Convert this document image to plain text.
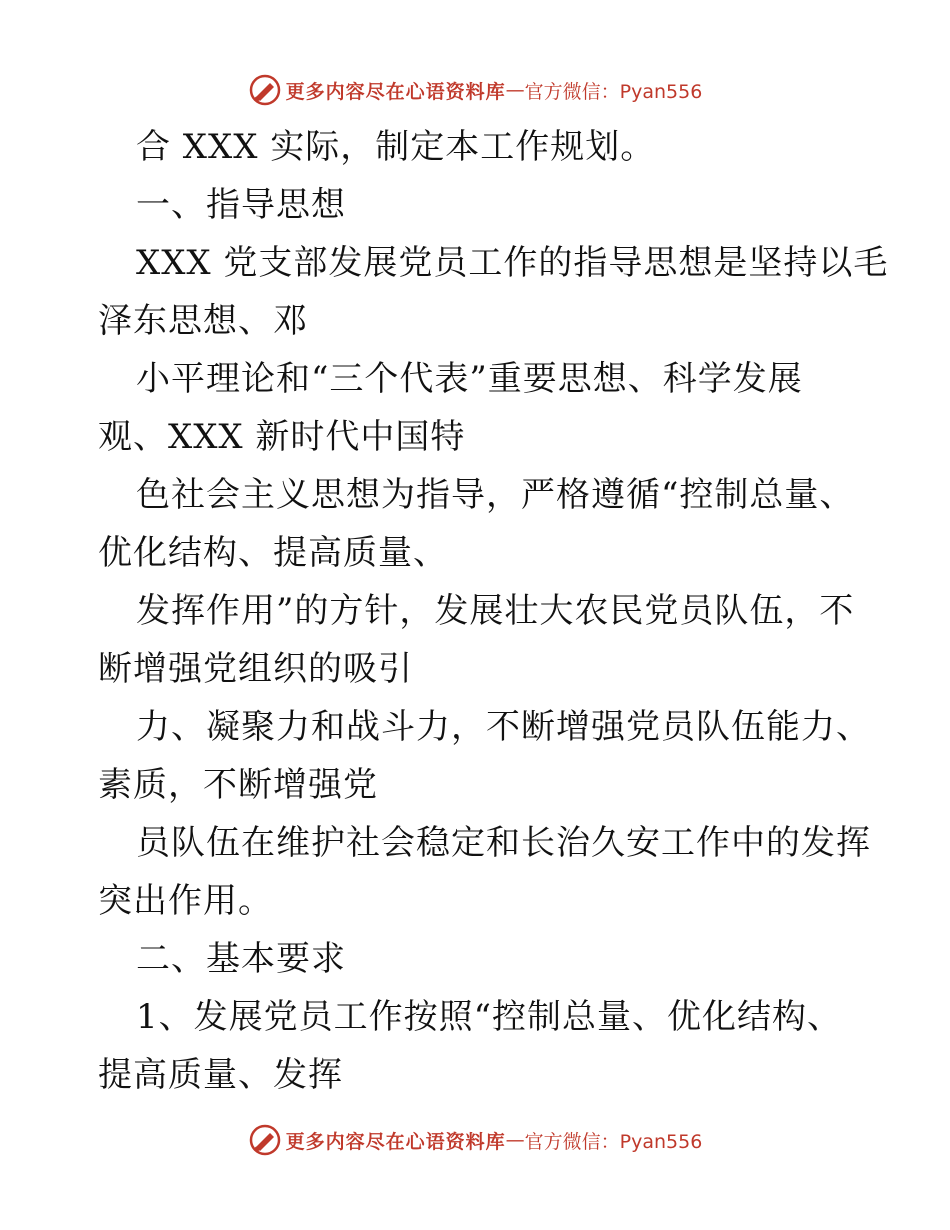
更多内容尽在心语资料库 — 官方微信：Pyan556
合 XXX 实际，制定本工作规划。
一、指导思想
XXX 党支部发展党员工作的指导思想是坚持以毛
泽东思想、邓
小平理论和“三个代表”重要思想、科学发展
观、XXX 新时代中国特
色社会主义思想为指导，严格遵循“控制总量、
优化结构、提高质量、
发挥作用”的方针，发展壮大农民党员队伍，不
断增强党组织的吸引
力、凝聚力和战斗力，不断增强党员队伍能力、
素质，不断增强党
员队伍在维护社会稳定和长治久安工作中的发挥
突出作用。
二、基本要求
1、发展党员工作按照“控制总量、优化结构、
提高质量、发挥
更多内容尽在心语资料库 — 官方微信：Pyan556
